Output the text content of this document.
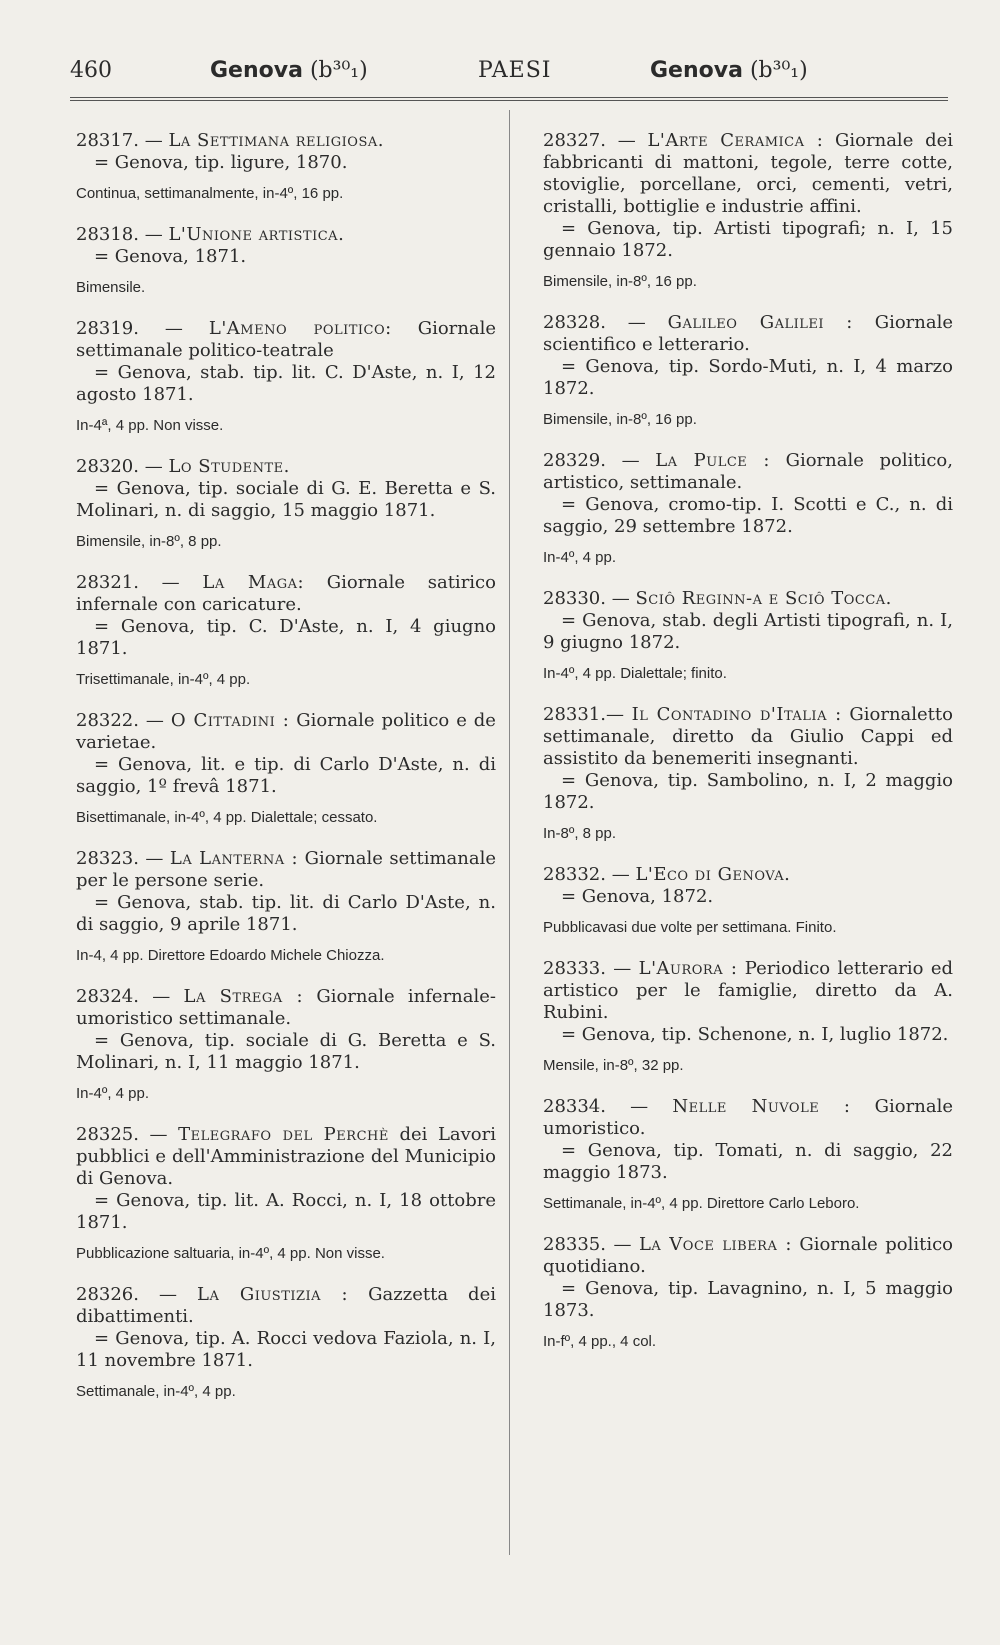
460	Genova (b³⁰₁)	PAESI	Genova (b³⁰₁)

28317. — La Settimana religiosa.

= Genova, tip. ligure, 1870.

Continua, settimanalmente, in-4º, 16 pp.

28318. — L'Unione artistica.

= Genova, 1871.

Bimensile.

28319. — L'Ameno politico: Giornale settimanale politico-teatrale

= Genova, stab. tip. lit. C. D'Aste, n. I, 12 agosto 1871.

In-4ª, 4 pp. Non visse.

28320. — Lo Studente.

= Genova, tip. sociale di G. E. Beretta e S. Molinari, n. di saggio, 15 maggio 1871.

Bimensile, in-8º, 8 pp.

28321. — La Maga: Giornale satirico infernale con caricature.

= Genova, tip. C. D'Aste, n. I, 4 giugno 1871.

Trisettimanale, in-4º, 4 pp.

28322. — O Cittadini : Giornale politico e de varietae.

= Genova, lit. e tip. di Carlo D'Aste, n. di saggio, 1º frevâ 1871.

Bisettimanale, in-4º, 4 pp. Dialettale; cessato.

28323. — La Lanterna : Giornale settimanale per le persone serie.

= Genova, stab. tip. lit. di Carlo D'Aste, n. di saggio, 9 aprile 1871.

In-4, 4 pp. Direttore Edoardo Michele Chiozza.

28324. — La Strega : Giornale infernale-umoristico settimanale.

= Genova, tip. sociale di G. Beretta e S. Molinari, n. I, 11 maggio 1871.

In-4º, 4 pp.

28325. — Telegrafo del Perchè dei Lavori pubblici e dell'Amministrazione del Municipio di Genova.

= Genova, tip. lit. A. Rocci, n. I, 18 ottobre 1871.

Pubblicazione saltuaria, in-4º, 4 pp. Non visse.

28326. — La Giustizia : Gazzetta dei dibattimenti.

= Genova, tip. A. Rocci vedova Faziola, n. I, 11 novembre 1871.

Settimanale, in-4º, 4 pp.

28327. — L'Arte Ceramica : Giornale dei fabbricanti di mattoni, tegole, terre cotte, stoviglie, porcellane, orci, cementi, vetri, cristalli, bottiglie e industrie affini.

= Genova, tip. Artisti tipografi; n. I, 15 gennaio 1872.

Bimensile, in-8º, 16 pp.

28328. — Galileo Galilei : Giornale scientifico e letterario.

= Genova, tip. Sordo-Muti, n. I, 4 marzo 1872.

Bimensile, in-8º, 16 pp.

28329. — La Pulce : Giornale politico, artistico, settimanale.

= Genova, cromo-tip. I. Scotti e C., n. di saggio, 29 settembre 1872.

In-4º, 4 pp.

28330. — Sciô Reginn-a e Sciô Tocca.

= Genova, stab. degli Artisti tipografi, n. I, 9 giugno 1872.

In-4º, 4 pp. Dialettale; finito.

28331.— Il Contadino d'Italia : Giornaletto settimanale, diretto da Giulio Cappi ed assistito da benemeriti insegnanti.

= Genova, tip. Sambolino, n. I, 2 maggio 1872.

In-8º, 8 pp.

28332. — L'Eco di Genova.

= Genova, 1872.

Pubblicavasi due volte per settimana. Finito.

28333. — L'Aurora : Periodico letterario ed artistico per le famiglie, diretto da A. Rubini.

= Genova, tip. Schenone, n. I, luglio 1872.

Mensile, in-8º, 32 pp.

28334. — Nelle Nuvole : Giornale umoristico.

= Genova, tip. Tomati, n. di saggio, 22 maggio 1873.

Settimanale, in-4º, 4 pp. Direttore Carlo Leboro.

28335. — La Voce libera : Giornale politico quotidiano.

= Genova, tip. Lavagnino, n. I, 5 maggio 1873.

In-fº, 4 pp., 4 col.
